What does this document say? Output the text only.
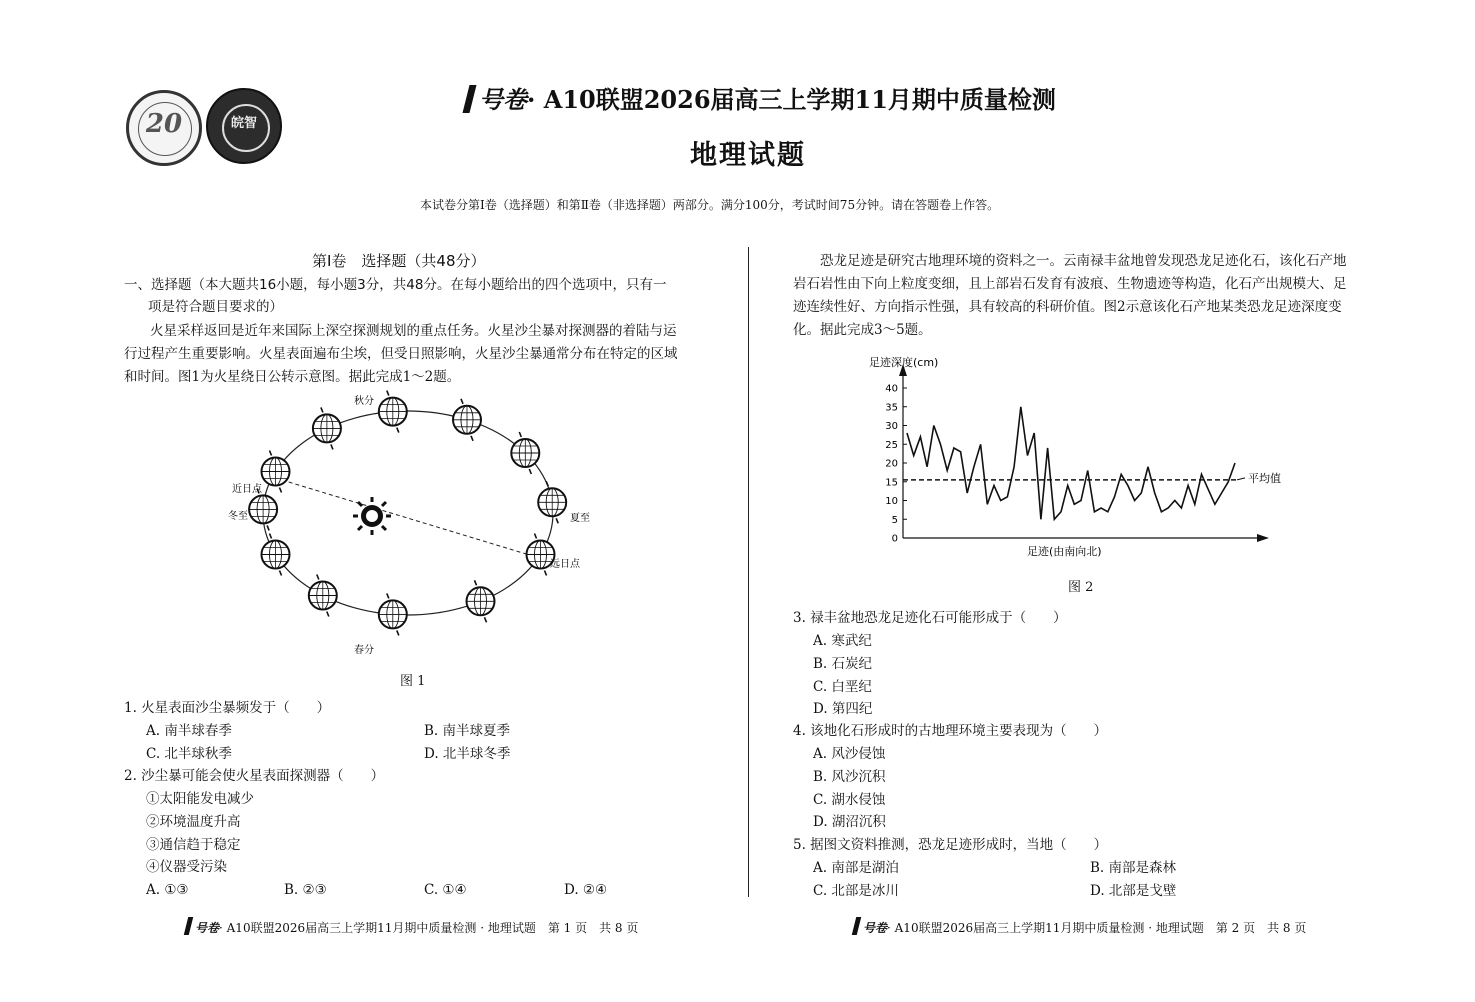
20	皖智
号卷· A10联盟2026届高三上学期11月期中质量检测
地理试题
本试卷分第Ⅰ卷（选择题）和第Ⅱ卷（非选择题）两部分。满分100分，考试时间75分钟。请在答题卷上作答。
第Ⅰ卷　选择题（共48分）
一、选择题（本大题共16小题，每小题3分，共48分。在每小题给出的四个选项中，只有一
项是符合题目要求的）
火星采样返回是近年来国际上深空探测规划的重点任务。火星沙尘暴对探测器的着陆与运
行过程产生重要影响。火星表面遍布尘埃，但受日照影响，火星沙尘暴通常分布在特定的区域
和时间。图1为火星绕日公转示意图。据此完成1～2题。
秋分
近日点
冬至	夏至
远日点
春分
图 1
1. 火星表面沙尘暴频发于（　　）
A. 南半球春季	B. 南半球夏季
C. 北半球秋季	D. 北半球冬季
2. 沙尘暴可能会使火星表面探测器（　　）
①太阳能发电减少
②环境温度升高
③通信趋于稳定
④仪器受污染
A. ①③	B. ②③	C. ①④	D. ②④
恐龙足迹是研究古地理环境的资料之一。云南禄丰盆地曾发现恐龙足迹化石，该化石产地
岩石岩性由下向上粒度变细，且上部岩石发育有波痕、生物遗迹等构造，化石产出规模大、足
迹连续性好、方向指示性强，具有较高的科研价值。图2示意该化石产地某类恐龙足迹深度变
化。据此完成3～5题。
0
5
10
15
20
25
30
35
40
足迹深度(cm)
足迹(由南向北)
平均值
图 2
3. 禄丰盆地恐龙足迹化石可能形成于（　　）
A. 寒武纪
B. 石炭纪
C. 白垩纪
D. 第四纪
4. 该地化石形成时的古地理环境主要表现为（　　）
A. 风沙侵蚀
B. 风沙沉积
C. 湖水侵蚀
D. 湖沼沉积
5. 据图文资料推测，恐龙足迹形成时，当地（　　）
A. 南部是湖泊	B. 南部是森林
C. 北部是冰川	D. 北部是戈壁
号卷· A10联盟2026届高三上学期11月期中质量检测 · 地理试题　第 1 页　共 8 页	号卷· A10联盟2026届高三上学期11月期中质量检测 · 地理试题　第 2 页　共 8 页
